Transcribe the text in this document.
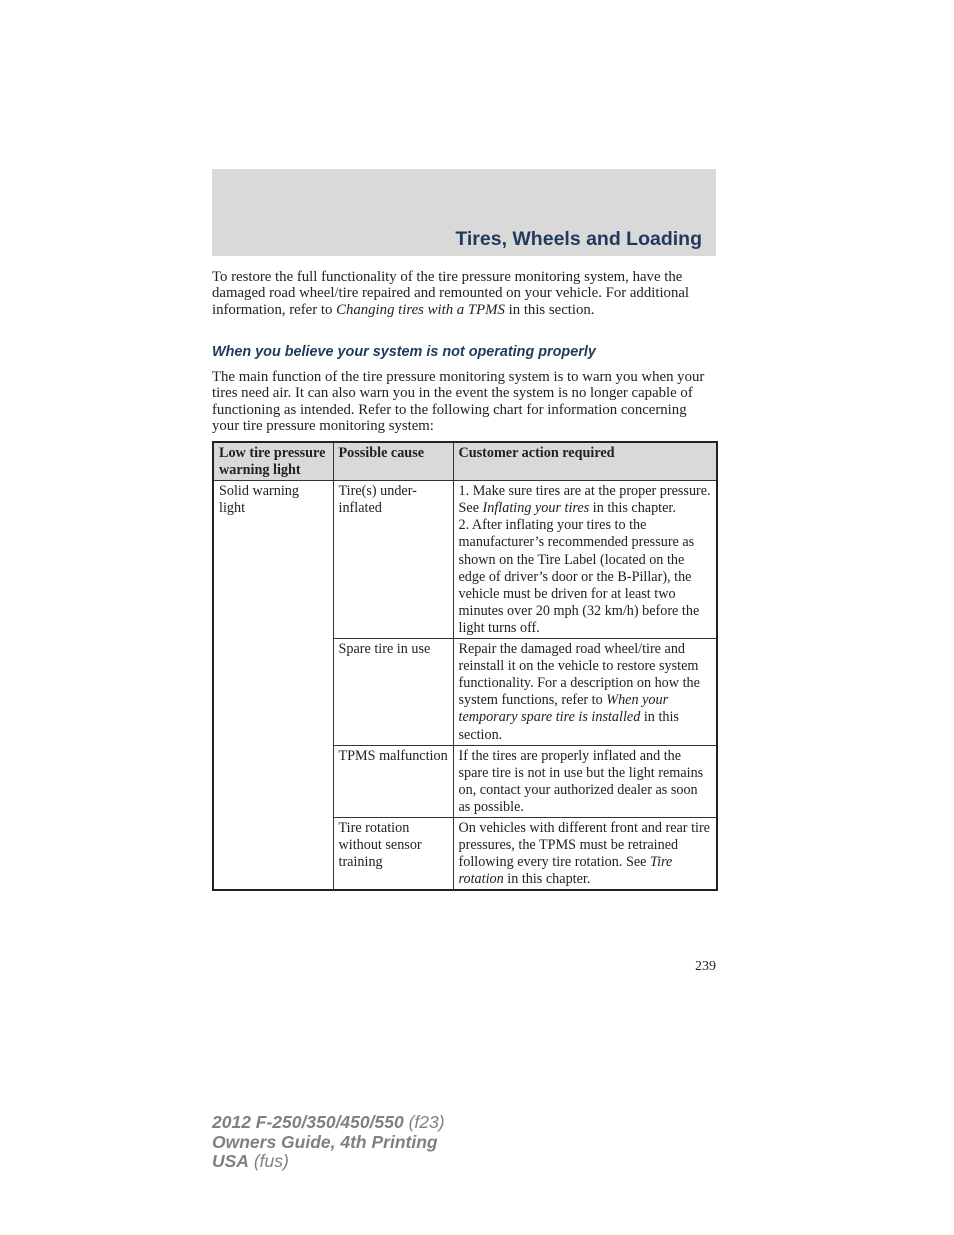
Tires, Wheels and Loading

To restore the full functionality of the tire pressure monitoring system, have the damaged road wheel/tire repaired and remounted on your vehicle. For additional information, refer to Changing tires with a TPMS in this section.

When you believe your system is not operating properly

The main function of the tire pressure monitoring system is to warn you when your tires need air. It can also warn you in the event the system is no longer capable of functioning as intended. Refer to the following chart for information concerning your tire pressure monitoring system:

Low tire pressure warning light	Possible cause	Customer action required
Solid warning light	Tire(s) under-inflated	1. Make sure tires are at the proper pressure. See Inflating your tires in this chapter.
2. After inflating your tires to the manufacturer’s recommended pressure as shown on the Tire Label (located on the edge of driver’s door or the B-Pillar), the vehicle must be driven for at least two minutes over 20 mph (32 km/h) before the light turns off.

	Spare tire in use	Repair the damaged road wheel/tire and reinstall it on the vehicle to restore system functionality. For a description on how the system functions, refer to When your temporary spare tire is installed in this section.
	TPMS malfunction	If the tires are properly inflated and the spare tire is not in use but the light remains on, contact your authorized dealer as soon as possible.
	Tire rotation without sensor training	On vehicles with different front and rear tire pressures, the TPMS must be retrained following every tire rotation. See Tire rotation in this chapter.
239
2012 F-250/350/450/550 (f23)
Owners Guide, 4th Printing
USA (fus)
